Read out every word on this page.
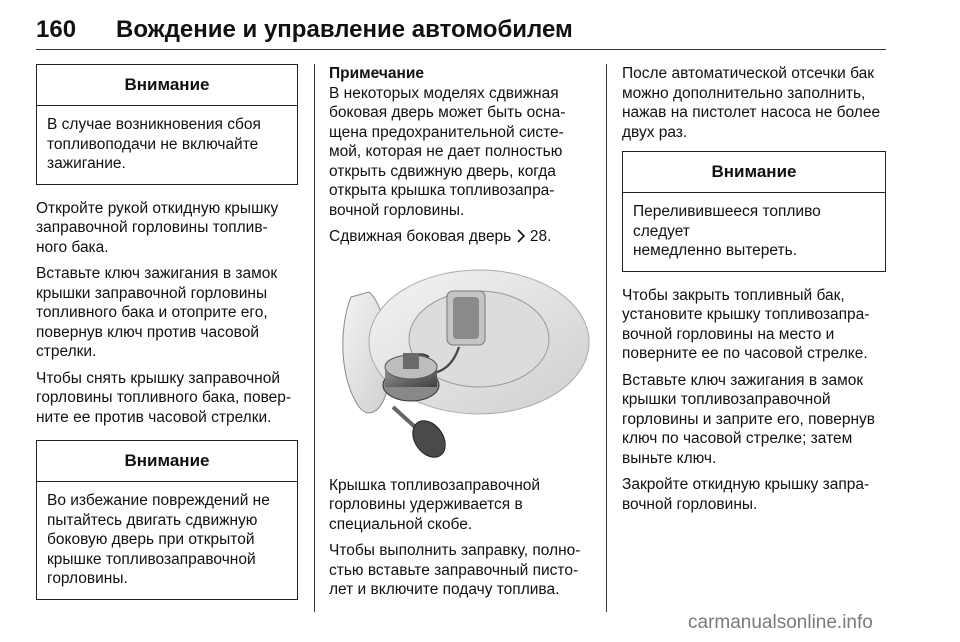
160 Вождение и управление автомобилем
Внимание
В случае возникновения сбоя
топливоподачи не включайте
зажигание.
Откройте рукой откидную крышку
заправочной горловины топлив-
ного бака.
Вставьте ключ зажигания в замок
крышки заправочной горловины
топливного бака и отоприте его,
повернув ключ против часовой
стрелки.
Чтобы снять крышку заправочной
горловины топливного бака, повер-
ните ее против часовой стрелки.
Внимание
Во избежание повреждений не
пытайтесь двигать сдвижную
боковую дверь при открытой
крышке топливозаправочной
горловины.
Примечание
В некоторых моделях сдвижная
боковая дверь может быть осна-
щена предохранительной систе-
мой, которая не дает полностью
открыть сдвижную дверь, когда
открыта крышка топливозапра-
вочной горловины.
Сдвижная боковая дверь 28.
Крышка топливозаправочной
горловины удерживается в
специальной скобе.
Чтобы выполнить заправку, полно-
стью вставьте заправочный писто-
лет и включите подачу топлива.
После автоматической отсечки бак
можно дополнительно заполнить,
нажав на пистолет насоса не более
двух раз.
Внимание
Переливившееся топливо следует
немедленно вытереть.
Чтобы закрыть топливный бак,
установите крышку топливозапра-
вочной горловины на место и
поверните ее по часовой стрелке.
Вставьте ключ зажигания в замок
крышки топливозаправочной
горловины и заприте его, повернув
ключ по часовой стрелке; затем
выньте ключ.
Закройте откидную крышку запра-
вочной горловины.
carmanualsonline.info
